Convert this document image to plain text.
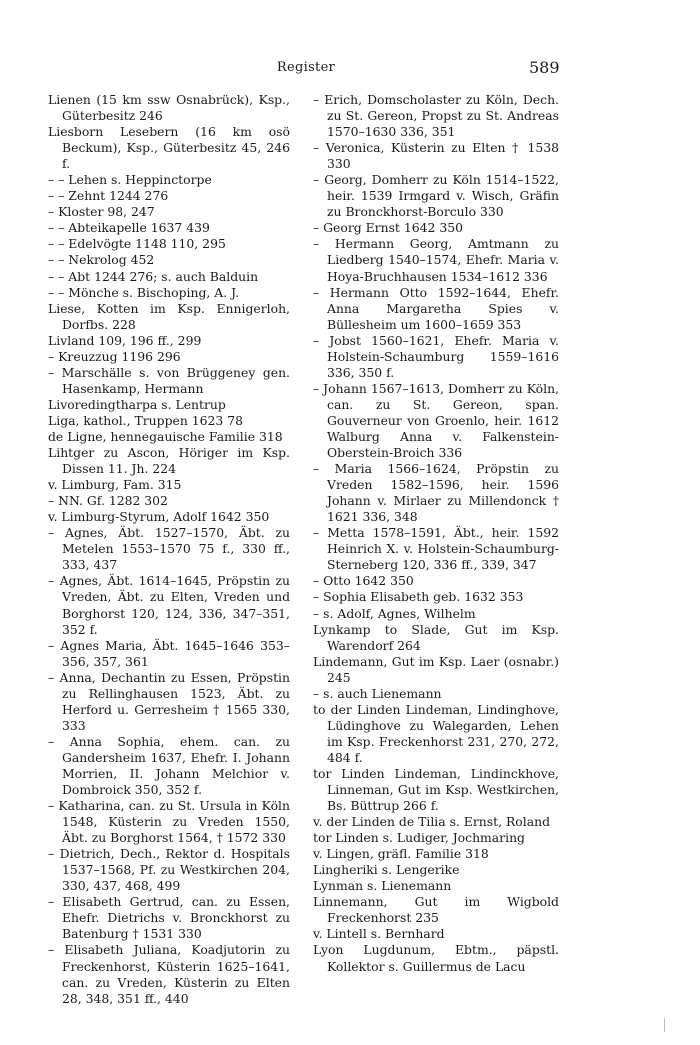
Register	589

Lienen (15 km ssw Osnabrück), Ksp., Güterbesitz 246

Liesborn Lesebern (16 km osö Beckum), Ksp., Güterbesitz 45, 246 f.

– – Lehen s. Heppinctorpe

– – Zehnt 1244 276

– Kloster 98, 247

– – Abteikapelle 1637 439

– – Edelvögte 1148 110, 295

– – Nekrolog 452

– – Abt 1244 276; s. auch Balduin

– – Mönche s. Bischoping, A. J.

Liese, Kotten im Ksp. Ennigerloh, Dorfbs. 228

Livland 109, 196 ff., 299

– Kreuzzug 1196 296

– Marschälle s. von Brüggeney gen. Hasenkamp, Hermann

Livoredingtharpa s. Lentrup

Liga, kathol., Truppen 1623 78

de Ligne, hennegauische Familie 318

Lihtger zu Ascon, Höriger im Ksp. Dissen 11. Jh. 224

v. Limburg, Fam. 315

– NN. Gf. 1282 302

v. Limburg-Styrum, Adolf 1642 350

– Agnes, Äbt. 1527–1570, Äbt. zu Metelen 1553–1570 75 f., 330 ff., 333, 437

– Agnes, Äbt. 1614–1645, Pröpstin zu Vreden, Äbt. zu Elten, Vreden und Borghorst 120, 124, 336, 347–351, 352 f.

– Agnes Maria, Äbt. 1645–1646 353–356, 357, 361

– Anna, Dechantin zu Essen, Pröpstin zu Rellinghausen 1523, Äbt. zu Herford u. Gerresheim † 1565 330, 333

– Anna Sophia, ehem. can. zu Gandersheim 1637, Ehefr. I. Johann Morrien, II. Johann Melchior v. Dombroick 350, 352 f.

– Katharina, can. zu St. Ursula in Köln 1548, Küsterin zu Vreden 1550, Äbt. zu Borghorst 1564, † 1572 330

– Dietrich, Dech., Rektor d. Hospitals 1537–1568, Pf. zu Westkirchen 204, 330, 437, 468, 499

– Elisabeth Gertrud, can. zu Essen, Ehefr. Dietrichs v. Bronckhorst zu Batenburg † 1531 330

– Elisabeth Juliana, Koadjutorin zu Freckenhorst, Küsterin 1625–1641, can. zu Vreden, Küsterin zu Elten 28, 348, 351 ff., 440

– Erich, Domscholaster zu Köln, Dech. zu St. Gereon, Propst zu St. Andreas 1570–1630 336, 351

– Veronica, Küsterin zu Elten † 1538 330

– Georg, Domherr zu Köln 1514–1522, heir. 1539 Irmgard v. Wisch, Gräfin zu Bronckhorst-Borculo 330

– Georg Ernst 1642 350

– Hermann Georg, Amtmann zu Liedberg 1540–1574, Ehefr. Maria v. Hoya-Bruchhausen 1534–1612 336

– Hermann Otto 1592–1644, Ehefr. Anna Margaretha Spies v. Büllesheim um 1600–1659 353

– Jobst 1560–1621, Ehefr. Maria v. Holstein-Schaumburg 1559–1616 336, 350 f.

– Johann 1567–1613, Domherr zu Köln, can. zu St. Gereon, span. Gouverneur von Groenlo, heir. 1612 Walburg Anna v. Falkenstein-Oberstein-Broich 336

– Maria 1566–1624, Pröpstin zu Vreden 1582–1596, heir. 1596 Johann v. Mirlaer zu Millendonck † 1621 336, 348

– Metta 1578–1591, Äbt., heir. 1592 Heinrich X. v. Holstein-Schaumburg-Sterneberg 120, 336 ff., 339, 347

– Otto 1642 350

– Sophia Elisabeth geb. 1632 353

– s. Adolf, Agnes, Wilhelm

Lynkamp to Slade, Gut im Ksp. Warendorf 264

Lindemann, Gut im Ksp. Laer (osnabr.) 245

– s. auch Lienemann

to der Linden Lindeman, Lindinghove, Lüdinghove zu Walegarden, Lehen im Ksp. Freckenhorst 231, 270, 272, 484 f.

tor Linden Lindeman, Lindinckhove, Linneman, Gut im Ksp. Westkirchen, Bs. Büttrup 266 f.

v. der Linden de Tilia s. Ernst, Roland

tor Linden s. Ludiger, Jochmaring

v. Lingen, gräfl. Familie 318

Lingheriki s. Lengerike

Lynman s. Lienemann

Linnemann, Gut im Wigbold Freckenhorst 235

v. Lintell s. Bernhard

Lyon Lugdunum, Ebtm., päpstl. Kollektor s. Guillermus de Lacu
